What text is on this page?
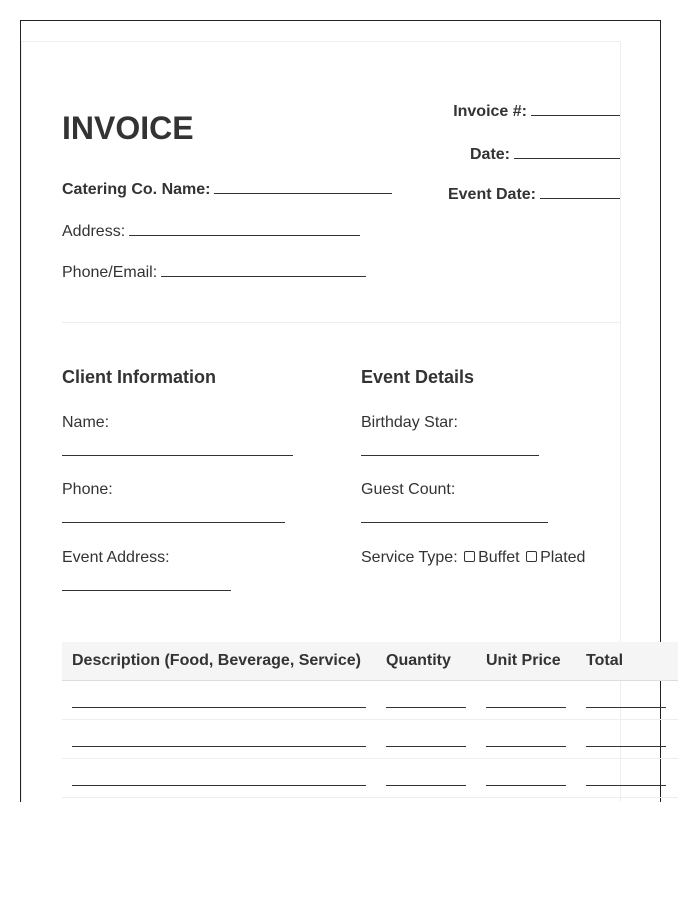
INVOICE
Catering Co. Name:
Address:
Phone/Email:
Invoice #:
Date:
Event Date:
Client Information
Name:
Phone:
Event Address:
Event Details
Birthday Star:
Guest Count:
Service Type: Buffet Plated
Description (Food, Beverage, Service) Quantity Unit Price Total
